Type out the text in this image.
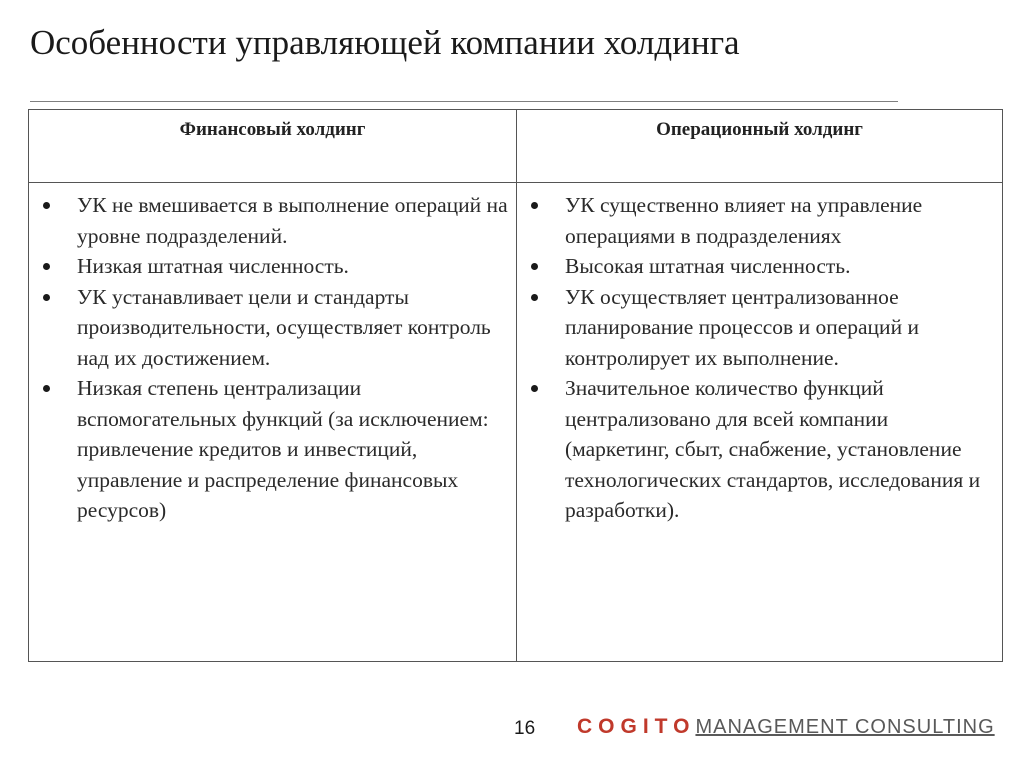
Особенности управляющей компании холдинга
Финансовый холдинг	Операционный холдинг
УК не вмешивается в выполнение операций на уровне подразделений.
Низкая штатная численность.
УК устанавливает цели и стандарты производительности, осуществляет контроль над их достижением.
Низкая степень централизации вспомогательных функций (за исключением: привлечение кредитов и инвестиций, управление и распределение финансовых ресурсов)
УК существенно влияет на управление операциями в подразделениях
Высокая штатная численность.
УК осуществляет централизованное планирование процессов и операций и контролирует их выполнение.
Значительное количество функций централизовано для всей компании (маркетинг, сбыт, снабжение, установление технологических стандартов, исследования и разработки).
16 COGITO MANAGEMENT CONSULTING
